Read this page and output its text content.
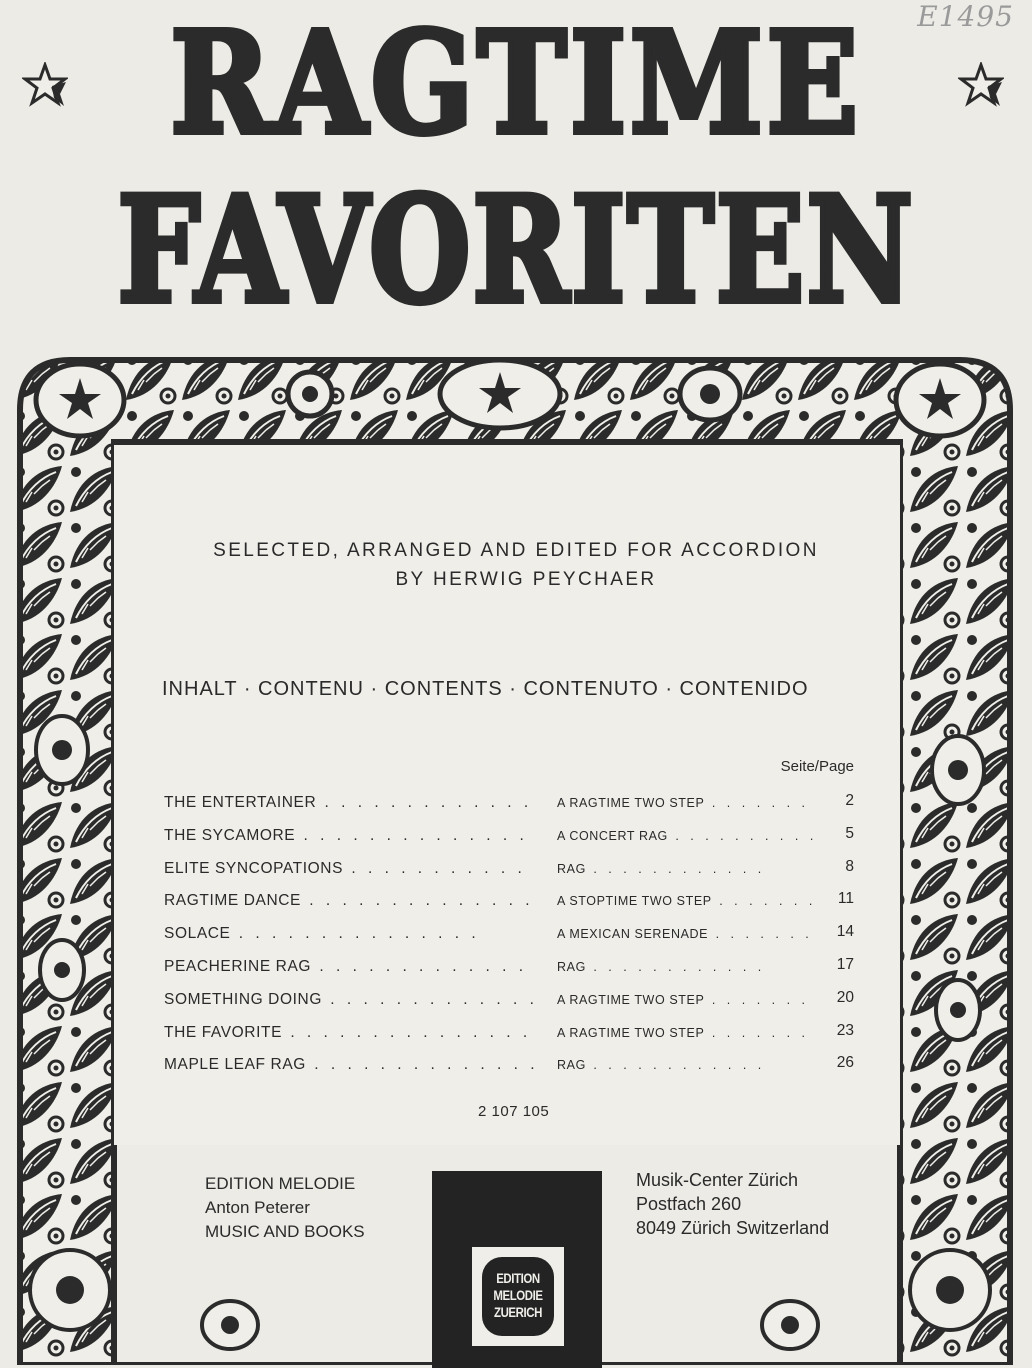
E1495
RAGTIME
FAVORITEN
SELECTED, ARRANGED AND EDITED FOR ACCORDION
BY HERWIG PEYCHAER
INHALT · CONTENU · CONTENTS · CONTENUTO · CONTENIDO
Seite/Page
THE ENTERTAINER . .	A RAGTIME TWO STEP . .	2
THE SYCAMORE . .	A CONCERT RAG . .	5
ELITE SYNCOPATIONS . .	RAG . .	8
RAGTIME DANCE . .	A STOPTIME TWO STEP . .	11
SOLACE . .	A MEXICAN SERENADE . .	14
PEACHERINE RAG . .	RAG . .	17
SOMETHING DOING . .	A RAGTIME TWO STEP . .	20
THE FAVORITE . .	A RAGTIME TWO STEP . .	23
MAPLE LEAF RAG . .	RAG . .	26
2 107 105
EDITION MELODIE
Anton Peterer
MUSIC AND BOOKS
EDITION
MELODIE
ZUERICH
Musik-Center Zürich
Postfach 260
8049 Zürich Switzerland
